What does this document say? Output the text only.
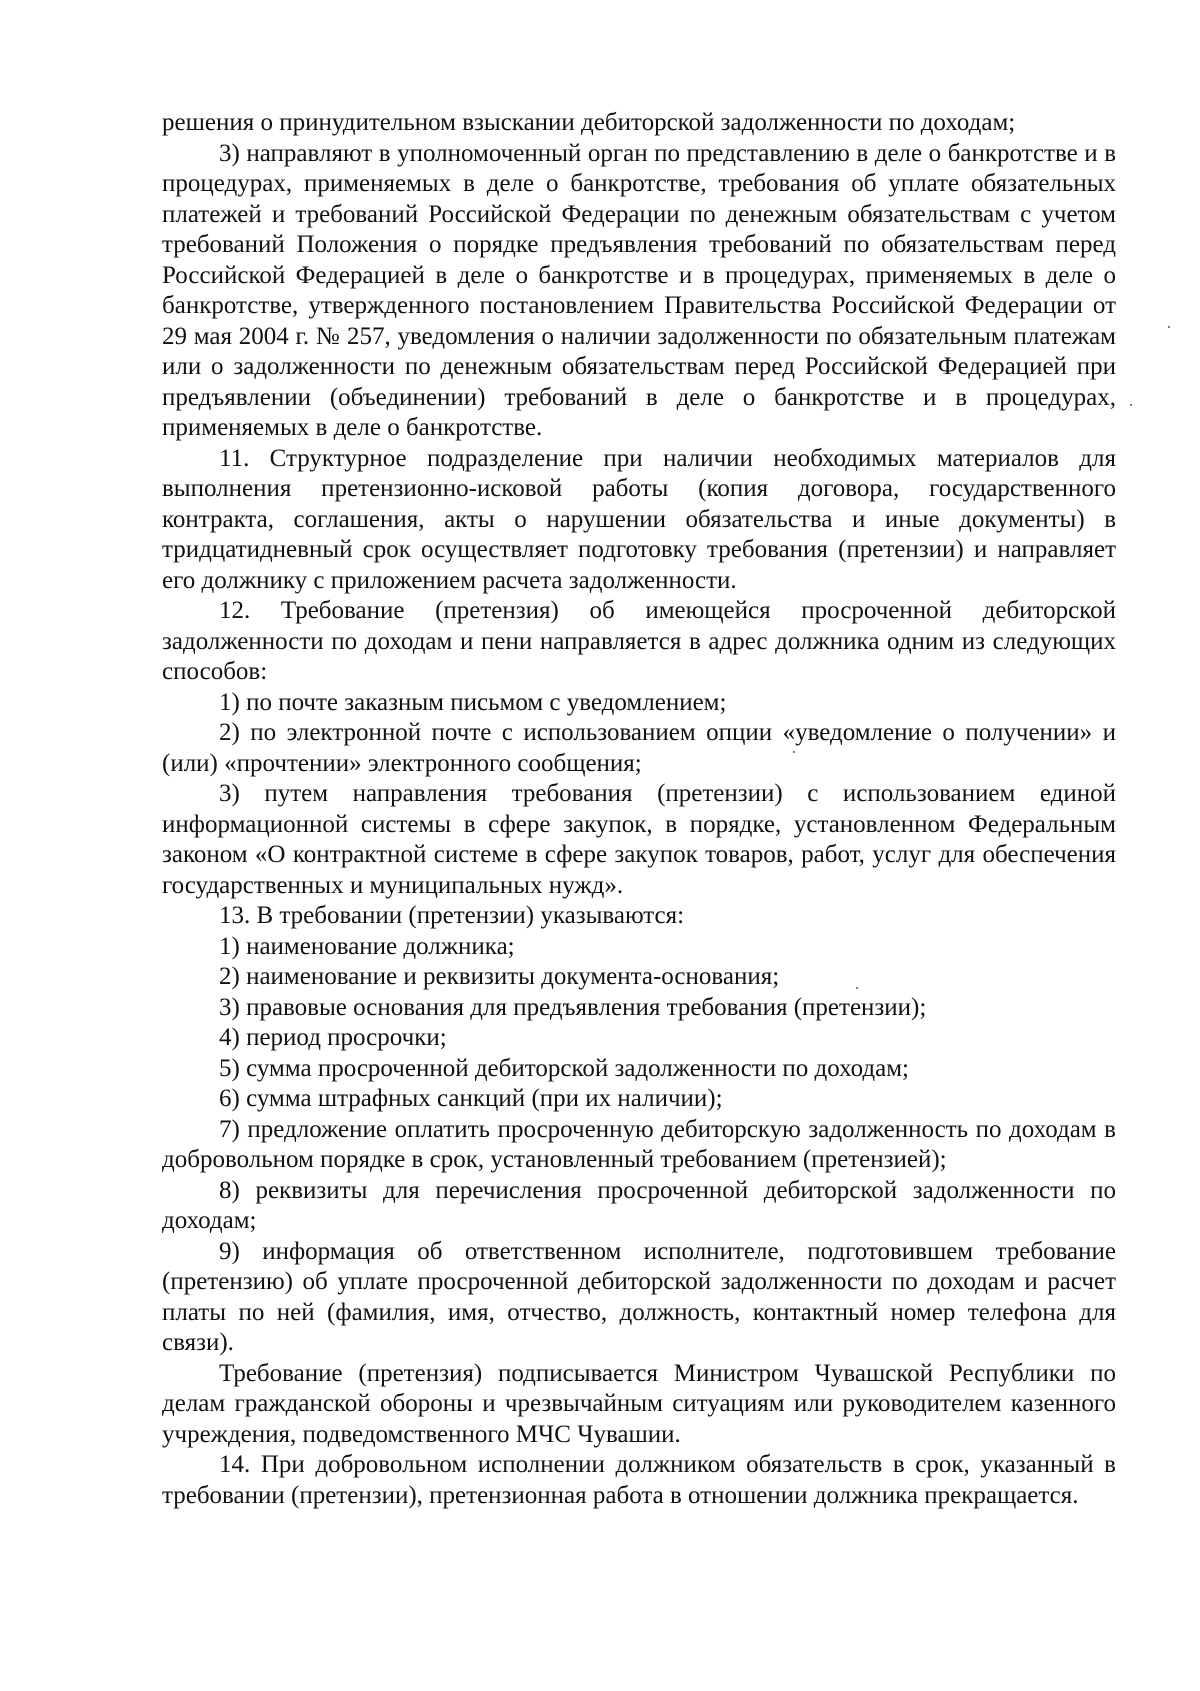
решения о принудительном взыскании дебиторской задолженности по доходам;

3) направляют в уполномоченный орган по представлению в деле о банкротстве и в процедурах, применяемых в деле о банкротстве, требования об уплате обязательных платежей и требований Российской Федерации по денежным обязательствам с учетом требований Положения о порядке предъявления требований по обязательствам перед Российской Федерацией в деле о банкротстве и в процедурах, применяемых в деле о банкротстве, утвержденного постановлением Правительства Российской Федерации от 29 мая 2004 г. № 257, уведомления о наличии задолженности по обязательным платежам или о задолженности по денежным обязательствам перед Российской Федерацией при предъявлении (объединении) требований в деле о банкротстве и в процедурах, применяемых в деле о банкротстве.

11. Структурное подразделение при наличии необходимых материалов для выполнения претензионно-исковой работы (копия договора, государственного контракта, соглашения, акты о нарушении обязательства и иные документы) в тридцатидневный срок осуществляет подготовку требования (претензии) и направляет его должнику с приложением расчета задолженности.

12. Требование (претензия) об имеющейся просроченной дебиторской задолженности по доходам и пени направляется в адрес должника одним из следующих способов:

1) по почте заказным письмом с уведомлением;

2) по электронной почте с использованием опции «уведомление о получении» и (или) «прочтении» электронного сообщения;

3) путем направления требования (претензии) с использованием единой информационной системы в сфере закупок, в порядке, установленном Федеральным законом «О контрактной системе в сфере закупок товаров, работ, услуг для обеспечения государственных и муниципальных нужд».

13. В требовании (претензии) указываются:

1) наименование должника;

2) наименование и реквизиты документа-основания;

3) правовые основания для предъявления требования (претензии);

4) период просрочки;

5) сумма просроченной дебиторской задолженности по доходам;

6) сумма штрафных санкций (при их наличии);

7) предложение оплатить просроченную дебиторскую задолженность по доходам в добровольном порядке в срок, установленный требованием (претензией);

8) реквизиты для перечисления просроченной дебиторской задолженности по доходам;

9) информация об ответственном исполнителе, подготовившем требование (претензию) об уплате просроченной дебиторской задолженности по доходам и расчет платы по ней (фамилия, имя, отчество, должность, контактный номер телефона для связи).

Требование (претензия) подписывается Министром Чувашской Республики по делам гражданской обороны и чрезвычайным ситуациям или руководителем казенного учреждения, подведомственного МЧС Чувашии.

14. При добровольном исполнении должником обязательств в срок, указанный в требовании (претензии), претензионная работа в отношении должника прекращается.
